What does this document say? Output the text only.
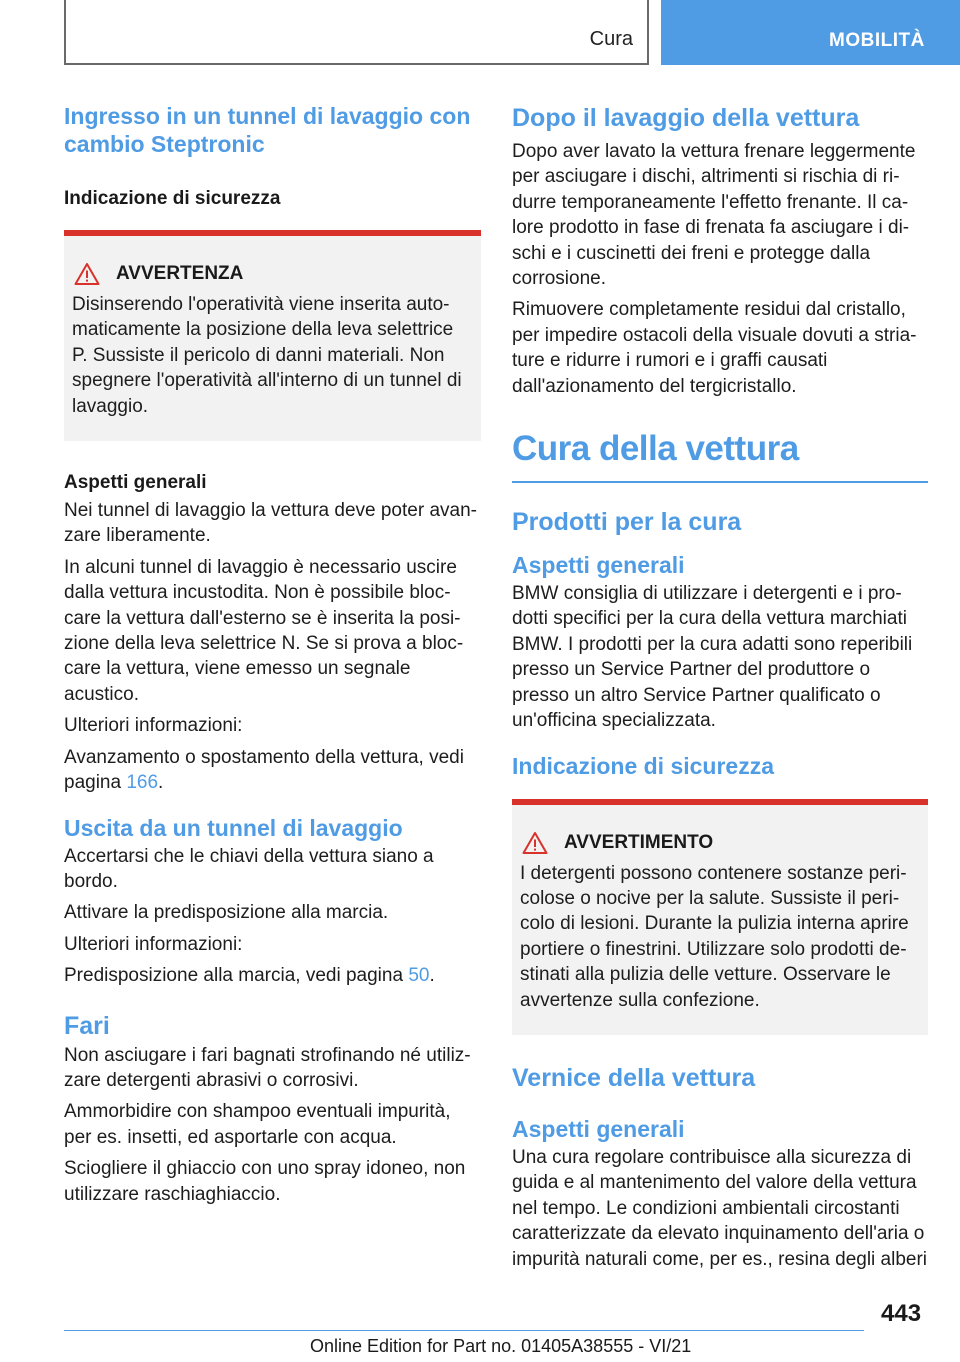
Cura	MOBILITÀ
Ingresso in un tunnel di lavaggio con cambio Steptronic
Indicazione di sicurezza
AVVERTENZA

Disinserendo l'operatività viene inserita automaticamente la posizione della leva selettrice P. Sussiste il pericolo di danni materiali. Non spegnere l'operatività all'interno di un tunnel di lavaggio.

Aspetti generali

Nei tunnel di lavaggio la vettura deve poter avanzare liberamente.

In alcuni tunnel di lavaggio è necessario uscire dalla vettura incustodita. Non è possibile bloccare la vettura dall'esterno se è inserita la posizione della leva selettrice N. Se si prova a bloccare la vettura, viene emesso un segnale acustico.

Ulteriori informazioni:

Avanzamento o spostamento della vettura, vedi pagina 166.

Uscita da un tunnel di lavaggio

Accertarsi che le chiavi della vettura siano a bordo.

Attivare la predisposizione alla marcia.

Ulteriori informazioni:

Predisposizione alla marcia, vedi pagina 50.

Fari

Non asciugare i fari bagnati strofinando né utilizzare detergenti abrasivi o corrosivi.

Ammorbidire con shampoo eventuali impurità, per es. insetti, ed asportarle con acqua.

Sciogliere il ghiaccio con uno spray idoneo, non utilizzare raschiaghiaccio.

Dopo il lavaggio della vettura

Dopo aver lavato la vettura frenare leggermente per asciugare i dischi, altrimenti si rischia di ridurre temporaneamente l'effetto frenante. Il calore prodotto in fase di frenata fa asciugare i dischi e i cuscinetti dei freni e protegge dalla corrosione.

Rimuovere completamente residui dal cristallo, per impedire ostacoli della visuale dovuti a striature e ridurre i rumori e i graffi causati dall'azionamento del tergicristallo.

Cura della vettura
Prodotti per la cura
Aspetti generali

BMW consiglia di utilizzare i detergenti e i prodotti specifici per la cura della vettura marchiati BMW. I prodotti per la cura adatti sono reperibili presso un Service Partner del produttore o presso un altro Service Partner qualificato o un'officina specializzata.

Indicazione di sicurezza
AVVERTIMENTO

I detergenti possono contenere sostanze pericolose o nocive per la salute. Sussiste il pericolo di lesioni. Durante la pulizia interna aprire portiere o finestrini. Utilizzare solo prodotti destinati alla pulizia delle vetture. Osservare le avvertenze sulla confezione.

Vernice della vettura
Aspetti generali

Una cura regolare contribuisce alla sicurezza di guida e al mantenimento del valore della vettura nel tempo. Le condizioni ambientali circostanti caratterizzate da elevato inquinamento dell'aria o impurità naturali come, per es., resina degli alberi

443
Online Edition for Part no. 01405A38555 - VI/21
